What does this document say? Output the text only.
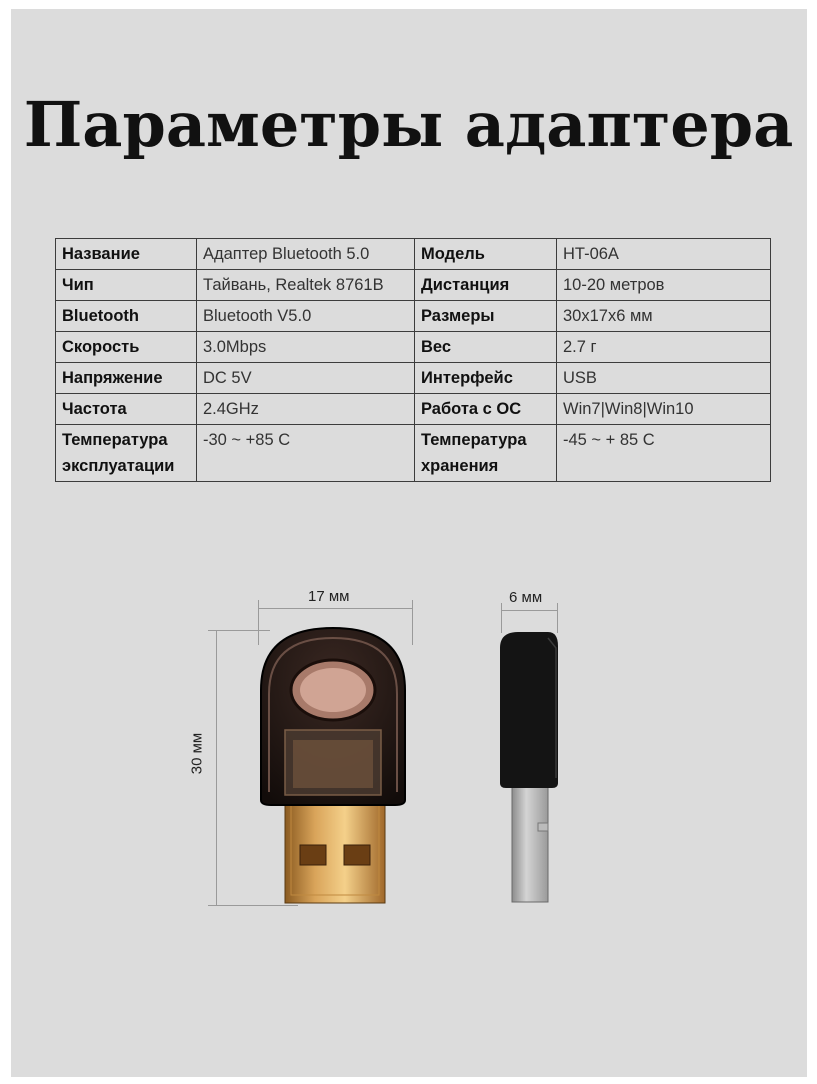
Параметры адаптера
Название	Адаптер Bluetooth 5.0	Модель	HT-06A
Чип	Тайвань, Realtek 8761B	Дистанция	10-20 метров
Bluetooth	Bluetooth V5.0	Размеры	30x17x6 мм
Скорость	3.0Mbps	Вес	2.7 г
Напряжение	DC 5V	Интерфейс	USB
Частота	2.4GHz	Работа с ОС	Win7|Win8|Win10
Температура эксплуатации	-30 ~ +85 C	Температура хранения	-45 ~ + 85 C
17 мм
30 мм
6 мм
